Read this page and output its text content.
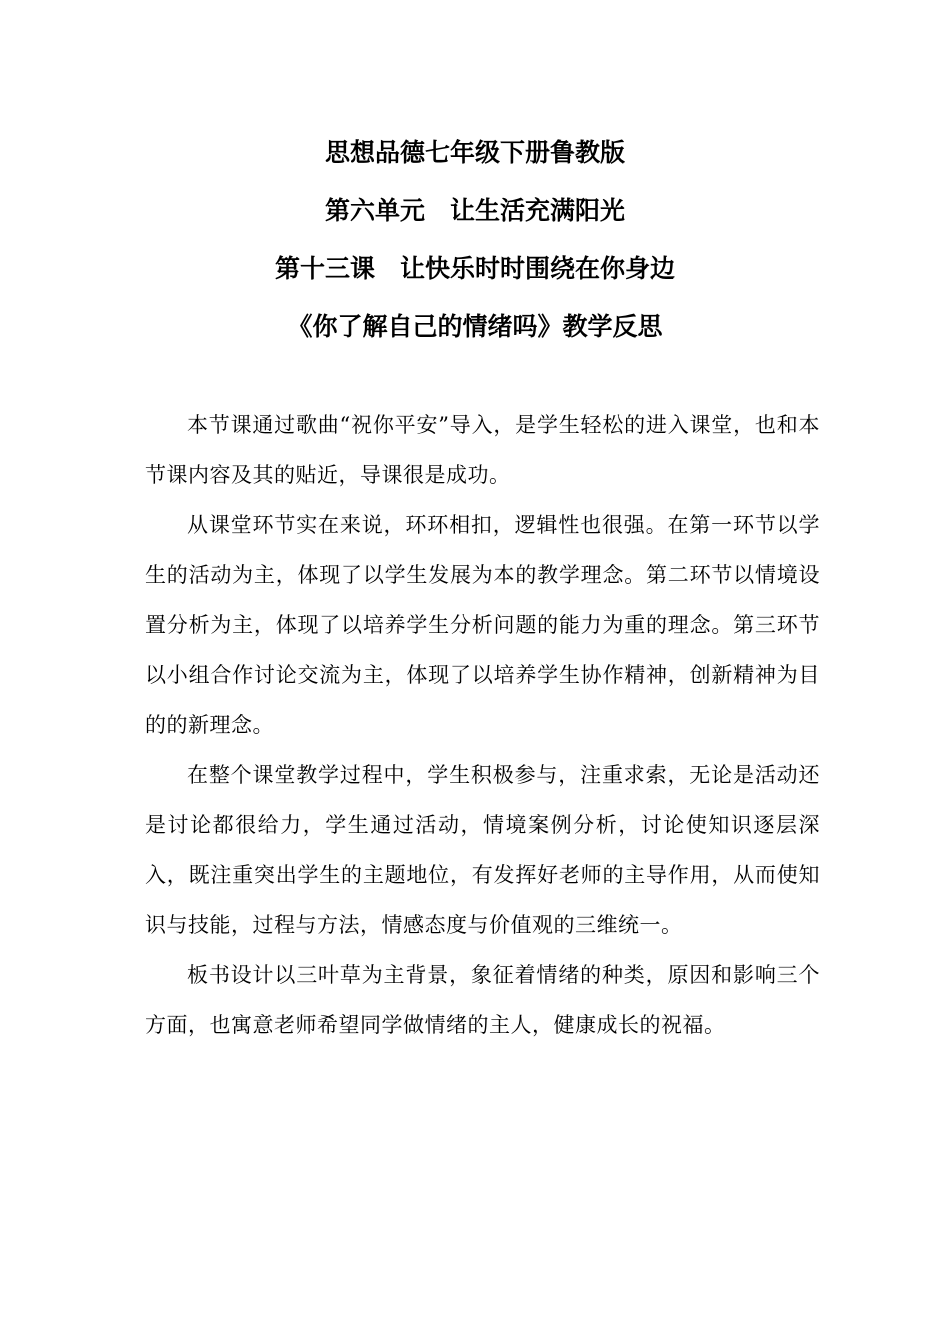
思想品德七年级下册鲁教版
第六单元　让生活充满阳光
第十三课　让快乐时时围绕在你身边
《你了解自己的情绪吗》教学反思

本节课通过歌曲“祝你平安”导入，是学生轻松的进入课堂，也和本节课内容及其的贴近，导课很是成功。

从课堂环节实在来说，环环相扣，逻辑性也很强。在第一环节以学生的活动为主，体现了以学生发展为本的教学理念。第二环节以情境设置分析为主，体现了以培养学生分析问题的能力为重的理念。第三环节以小组合作讨论交流为主，体现了以培养学生协作精神，创新精神为目的的新理念。

在整个课堂教学过程中，学生积极参与，注重求索，无论是活动还是讨论都很给力，学生通过活动，情境案例分析，讨论使知识逐层深入，既注重突出学生的主题地位，有发挥好老师的主导作用，从而使知识与技能，过程与方法，情感态度与价值观的三维统一。

板书设计以三叶草为主背景，象征着情绪的种类，原因和影响三个方面，也寓意老师希望同学做情绪的主人，健康成长的祝福。
